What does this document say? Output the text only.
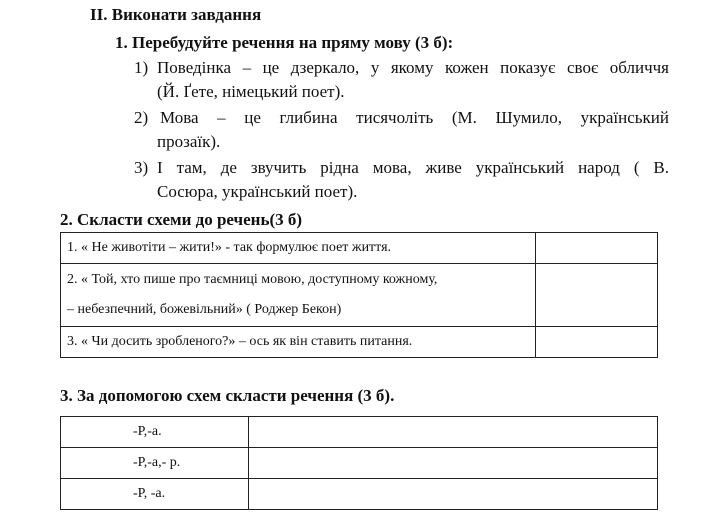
II. Виконати завдання
1. Перебудуйте речення на пряму мову (3 б):
1) Поведінка – це дзеркало, у якому кожен показує своє обличчя
(Й. Ґете, німецький поет).
2) Мова – це глибина тисячоліть (М. Шумило, український
прозаїк).
3) І там, де звучить рідна мова, живе український народ ( В.
Сосюра, український поет).
2. Скласти схеми до речень(3 б)
1. « Не животіти – жити!» - так формулює поет життя.	

2. « Той, хто пише про таємниці мовою, доступному кожному,
– небезпечний, божевільний» ( Роджер Бекон)	

3. « Чи досить зробленого?» – ось як він ставить питання.	
3. За допомогою схем скласти речення (3 б).
-Р,-а.	
-Р,-а,- р.	
-Р, -а.	
